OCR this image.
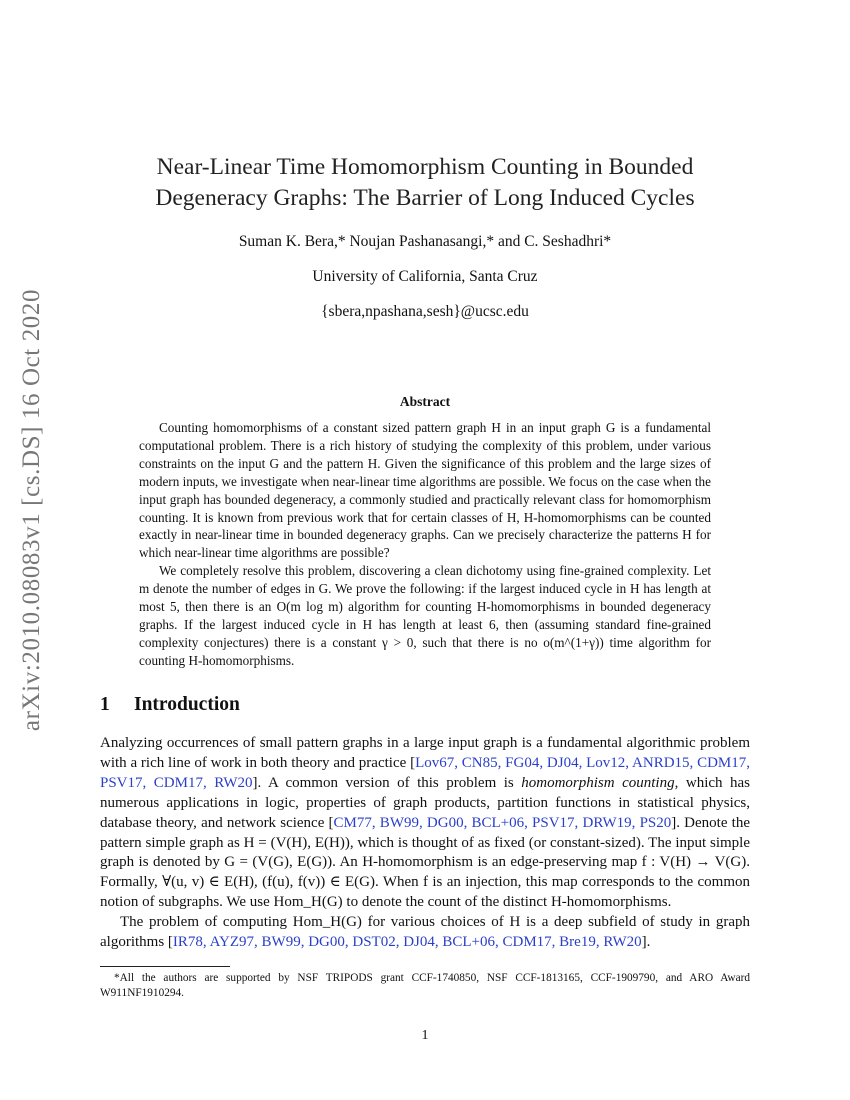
arXiv:2010.08083v1 [cs.DS] 16 Oct 2020
Near-Linear Time Homomorphism Counting in Bounded
Degeneracy Graphs: The Barrier of Long Induced Cycles
Suman K. Bera,* Noujan Pashanasangi,* and C. Seshadhri*
University of California, Santa Cruz
{sbera,npashana,sesh}@ucsc.edu
Abstract

Counting homomorphisms of a constant sized pattern graph H in an input graph G is a fundamental computational problem. There is a rich history of studying the complexity of this problem, under various constraints on the input G and the pattern H. Given the significance of this problem and the large sizes of modern inputs, we investigate when near-linear time algorithms are possible. We focus on the case when the input graph has bounded degeneracy, a commonly studied and practically relevant class for homomorphism counting. It is known from previous work that for certain classes of H, H-homomorphisms can be counted exactly in near-linear time in bounded degeneracy graphs. Can we precisely characterize the patterns H for which near-linear time algorithms are possible?

We completely resolve this problem, discovering a clean dichotomy using fine-grained complexity. Let m denote the number of edges in G. We prove the following: if the largest induced cycle in H has length at most 5, then there is an O(m log m) algorithm for counting H-homomorphisms in bounded degeneracy graphs. If the largest induced cycle in H has length at least 6, then (assuming standard fine-grained complexity conjectures) there is a constant γ > 0, such that there is no o(m^(1+γ)) time algorithm for counting H-homomorphisms.

1 Introduction

Analyzing occurrences of small pattern graphs in a large input graph is a fundamental algorithmic problem with a rich line of work in both theory and practice [Lov67, CN85, FG04, DJ04, Lov12, ANRD15, CDM17, PSV17, CDM17, RW20]. A common version of this problem is homomorphism counting, which has numerous applications in logic, properties of graph products, partition functions in statistical physics, database theory, and network science [CM77, BW99, DG00, BCL+06, PSV17, DRW19, PS20]. Denote the pattern simple graph as H = (V(H), E(H)), which is thought of as fixed (or constant-sized). The input simple graph is denoted by G = (V(G), E(G)). An H-homomorphism is an edge-preserving map f : V(H) → V(G). Formally, ∀(u, v) ∈ E(H), (f(u), f(v)) ∈ E(G). When f is an injection, this map corresponds to the common notion of subgraphs. We use Hom_H(G) to denote the count of the distinct H-homomorphisms.

The problem of computing Hom_H(G) for various choices of H is a deep subfield of study in graph algorithms [IR78, AYZ97, BW99, DG00, DST02, DJ04, BCL+06, CDM17, Bre19, RW20].

*All the authors are supported by NSF TRIPODS grant CCF-1740850, NSF CCF-1813165, CCF-1909790, and ARO Award W911NF1910294.

1
